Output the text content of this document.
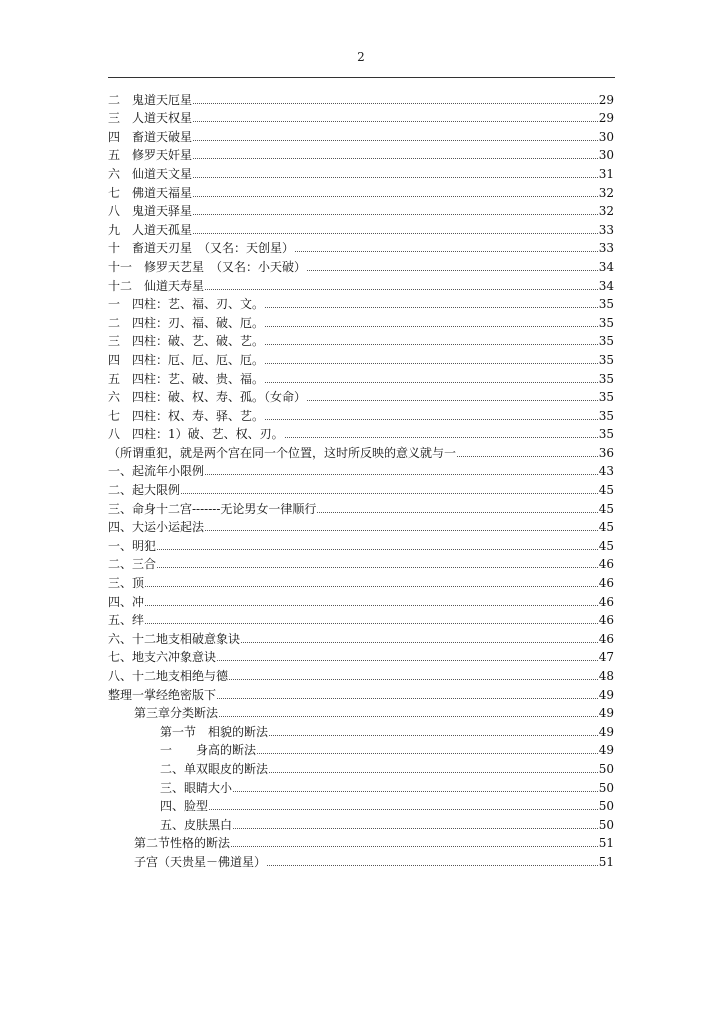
2
二　鬼道天厄星	29
三　人道天权星	29
四　畜道天破星	30
五　修罗天奸星	30
六　仙道天文星	31
七　佛道天福星	32
八　鬼道天驿星	32
九　人道天孤星	33
十　畜道天刃星　（又名：天创星）	33
十一　修罗天艺星　（又名：小天破）	34
十二　仙道天寿星	34
一　四柱：艺、福、刃、文。	35
二　四柱：刃、福、破、厄。	35
三　四柱：破、艺、破、艺。	35
四　四柱：厄、厄、厄、厄。	35
五　四柱：艺、破、贵、福。	35
六　四柱：破、权、寿、孤。（女命）	35
七　四柱：权、寿、驿、艺。	35
八　四柱：1）破、艺、权、刃。	35
（所谓重犯，就是两个宫在同一个位置，这时所反映的意义就与一	36
一、起流年小限例	43
二、起大限例	45
三、命身十二宫-------无论男女一律顺行	45
四、大运小运起法	45
一、明犯	45
二、三合	46
三、顶	46
四、冲	46
五、绊	46
六、十二地支相破意象诀	46
七、地支六冲象意诀	47
八、十二地支相绝与德	48
整理一掌经绝密版下	49
第三章分类断法	49
第一节　相貌的断法	49
一　　身高的断法	49
二、单双眼皮的断法	50
三、眼睛大小	50
四、脸型	50
五、皮肤黑白	50
第二节性格的断法	51
子宫（天贵星－佛道星）	51
